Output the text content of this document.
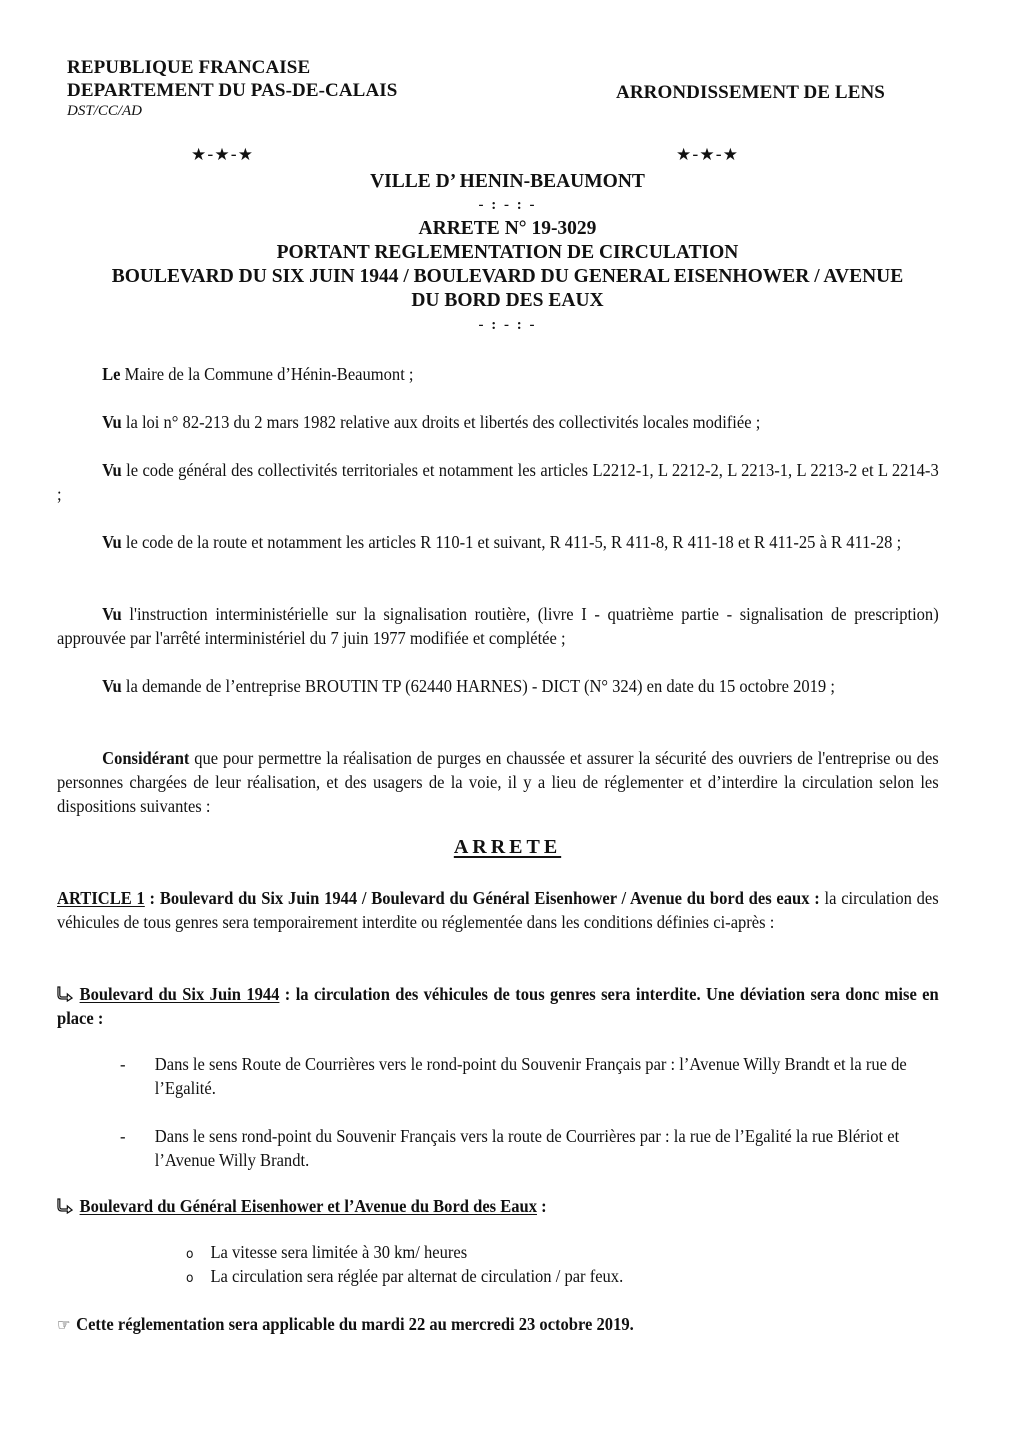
REPUBLIQUE FRANCAISE
DEPARTEMENT DU PAS-DE-CALAIS
DST/CC/AD
ARRONDISSEMENT DE LENS
★-★-★	★-★-★
VILLE D’ HENIN-BEAUMONT
- : - : -
ARRETE N° 19-3029
PORTANT REGLEMENTATION DE CIRCULATION
BOULEVARD DU SIX JUIN 1944 / BOULEVARD DU GENERAL EISENHOWER / AVENUE
DU BORD DES EAUX
- : - : -
Le Maire de la Commune d’Hénin-Beaumont ;
Vu la loi n° 82-213 du 2 mars 1982 relative aux droits et libertés des collectivités locales modifiée ;
Vu le code général des collectivités territoriales et notamment les articles L2212-1, L 2212-2, L 2213-1, L 2213-2 et L 2214-3 ;
Vu le code de la route et notamment les articles R 110-1 et suivant, R 411-5, R 411-8, R 411-18 et R 411-25 à R 411-28 ;
Vu l'instruction interministérielle sur la signalisation routière, (livre I - quatrième partie - signalisation de prescription) approuvée par l'arrêté interministériel du 7 juin 1977 modifiée et complétée ;
Vu la demande de l’entreprise BROUTIN TP (62440 HARNES) - DICT (N° 324) en date du 15 octobre 2019 ;
Considérant que pour permettre la réalisation de purges en chaussée et assurer la sécurité des ouvriers de l'entreprise ou des personnes chargées de leur réalisation, et des usagers de la voie, il y a lieu de réglementer et d’interdire la circulation selon les dispositions suivantes :
ARRETE
ARTICLE 1 : Boulevard du Six Juin 1944 / Boulevard du Général Eisenhower / Avenue du bord des eaux : la circulation des véhicules de tous genres sera temporairement interdite ou réglementée dans les conditions définies ci-après :
Boulevard du Six Juin 1944 : la circulation des véhicules de tous genres sera interdite. Une déviation sera donc mise en place :
- Dans le sens Route de Courrières vers le rond-point du Souvenir Français par : l’Avenue Willy Brandt et la rue de l’Egalité.
- Dans le sens rond-point du Souvenir Français vers la route de Courrières par : la rue de l’Egalité la rue Blériot et l’Avenue Willy Brandt.
Boulevard du Général Eisenhower et l’Avenue du Bord des Eaux :
o La vitesse sera limitée à 30 km/ heures
o La circulation sera réglée par alternat de circulation / par feux.
☞ Cette réglementation sera applicable du mardi 22 au mercredi 23 octobre 2019.
